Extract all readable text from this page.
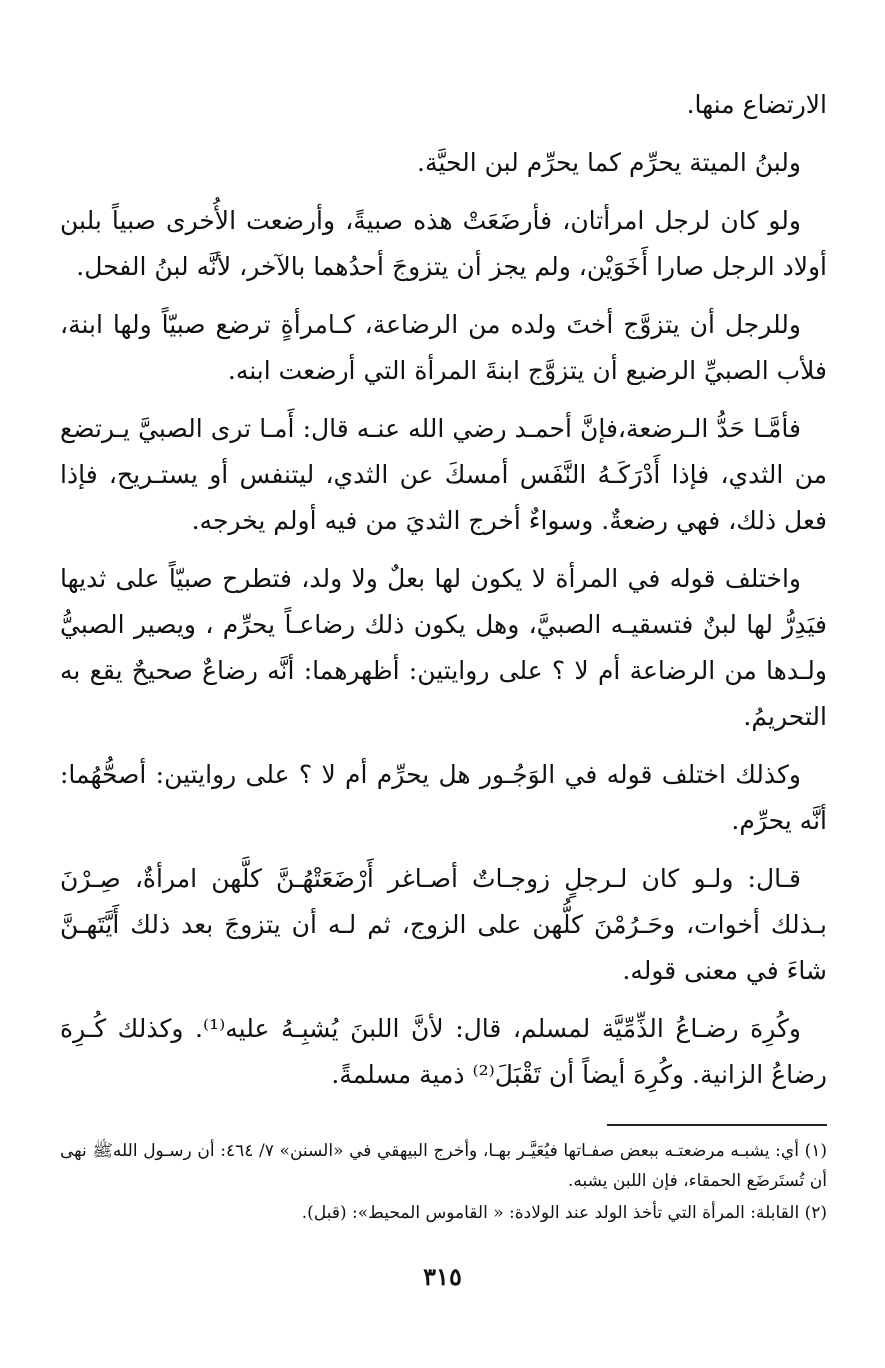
الارتضاع منها.

ولبنُ الميتة يحرِّم كما يحرِّم لبن الحيَّة.

ولو كان لرجل امرأتان، فأرضَعَتْ هذه صبيةً، وأرضعت الأُخرى صبياً بلبن أولاد الرجل صارا أَخَوَيْن، ولم يجز أن يتزوجَ أحدُهما بالآخر، لأنَّه لبنُ الفحل.

وللرجل أن يتزوَّج أختَ ولده من الرضاعة، كـامرأةٍ ترضع صبيّاً ولها ابنة، فلأب الصبيِّ الرضيع أن يتزوَّج ابنةَ المرأة التي أرضعت ابنه.

فأمَّـا حَدُّ الـرضعة،فإنَّ أحمـد رضي الله عنـه قال: أَمـا ترى الصبيَّ يـرتضع من الثدي، فإذا أَدْرَكَـهُ النَّفَس أمسكَ عن الثدي، ليتنفس أو يستـريح، فإذا فعل ذلك، فهي رضعةٌ. وسواءٌ أخرج الثديَ من فيه أولم يخرجه.

واختلف قوله في المرأة لا يكون لها بعلٌ ولا ولد، فتطرح صبيّاً على ثديها فيَدِرُّ لها لبنٌ فتسقيـه الصبيَّ، وهل يكون ذلك رضاعـاً يحرِّم ، ويصير الصبيُّ ولـدها من الرضاعة أم لا ؟ على روايتين: أظهرهما: أنَّه رضاعٌ صحيحٌ يقع به التحريمُ.

وكذلك اختلف قوله في الوَجُـور هل يحرِّم أم لا ؟ على روايتين: أصحُّهُما: أنَّه يحرِّم.

قـال: ولـو كان لـرجلٍ زوجـاتٌ أصـاغر أَرْضَعَتْهُـنَّ كلَّهن امرأةٌ، صِـرْنَ بـذلك أخوات، وحَـرُمْنَ كلُّهن على الزوج، ثم لـه أن يتزوجَ بعد ذلك أَيَّتَهـنَّ شاءَ في معنى قوله.

وكُرِهَ رضـاعُ الذِّمِّيَّة لمسلم، قال: لأنَّ اللبنَ يُشبِـهُ عليه⁽¹⁾. وكذلك كُـرِهَ رضاعُ الزانية. وكُرِهَ أيضاً أن تَقْبَلَ⁽²⁾ ذمية مسلمةً.

(١) أي: يشبـه مرضعتـه ببعض صفـاتها فيُعَيَّـر بهـا، وأخرج البيهقي في «السنن» ٧/ ٤٦٤: أن رسـول اللهﷺ نهى أن تُستَرضَع الحمقاء، فإن اللبن يشبه.

(٢) القابلة: المرأة التي تأخذ الولد عند الولادة: « القاموس المحيط»: (قبل).

٣١٥
